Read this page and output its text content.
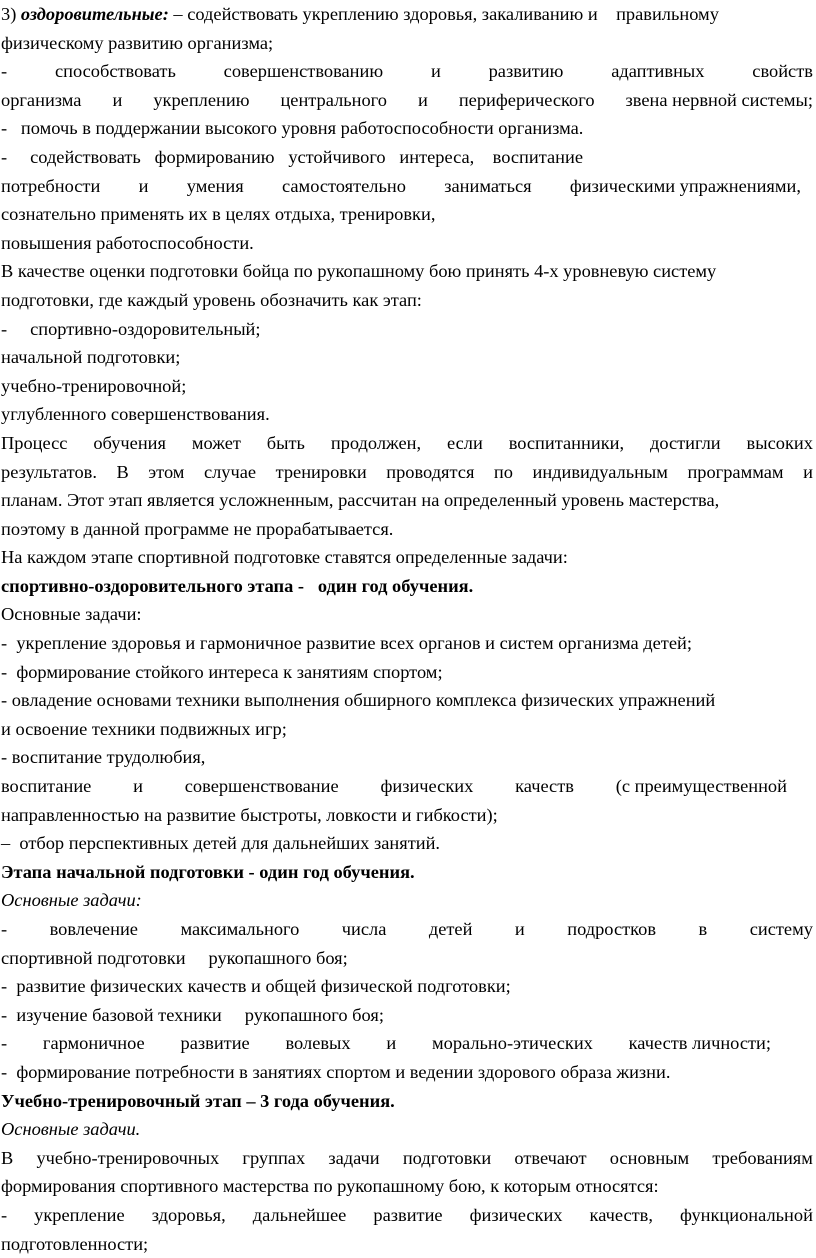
3) оздоровительные: – содействовать укреплению здоровья, закаливанию и    правильному
физическому развитию организма;
-	способствовать	совершенствованию	и	развитию	адаптивных	свойств
организма и укреплению центрального и периферического звена нервной системы;
-   помочь в поддержании высокого уровня работоспособности организма.
-     содействовать   формированию   устойчивого   интереса,    воспитание
потребности и умения самостоятельно заниматься физическими упражнениями,
сознательно применять их в целях отдыха, тренировки,
повышения работоспособности.
В качестве оценки подготовки бойца по рукопашному бою принять 4-х уровневую систему
подготовки, где каждый уровень обозначить как этап:
-     спортивно-оздоровительный;
начальной подготовки;
учебно-тренировочной;
углубленного совершенствования.
Процесс обучения может быть продолжен, если воспитанники, достигли высоких
результатов. В этом случае тренировки проводятся по индивидуальным программам и
планам. Этот этап является усложненным, рассчитан на определенный уровень мастерства,
поэтому в данной программе не прорабатывается.
На каждом этапе спортивной подготовке ставятся определенные задачи:
спортивно-оздоровительного этапа -   один год обучения.
Основные задачи:
-  укрепление здоровья и гармоничное развитие всех органов и систем организма детей;
-  формирование стойкого интереса к занятиям спортом;
- овладение основами техники выполнения обширного комплекса физических упражнений
и освоение техники подвижных игр;
- воспитание трудолюбия,
воспитание и совершенствование физических качеств (с преимущественной
направленностью на развитие быстроты, ловкости и гибкости);
–  отбор перспективных детей для дальнейших занятий.
Этапа начальной подготовки - один год обучения.
Основные задачи:
- вовлечение максимального числа детей и подростков в систему
спортивной подготовки     рукопашного боя;
-  развитие физических качеств и общей физической подготовки;
-  изучение базовой техники     рукопашного боя;
- гармоничное развитие волевых и морально-этических качеств личности;
-  формирование потребности в занятиях спортом и ведении здорового образа жизни.
Учебно-тренировочный этап – 3 года обучения.
Основные задачи.
В учебно-тренировочных группах задачи подготовки отвечают основным требованиям
формирования спортивного мастерства по рукопашному бою, к которым относятся:
- укрепление здоровья, дальнейшее развитие физических качеств, функциональной
подготовленности;
